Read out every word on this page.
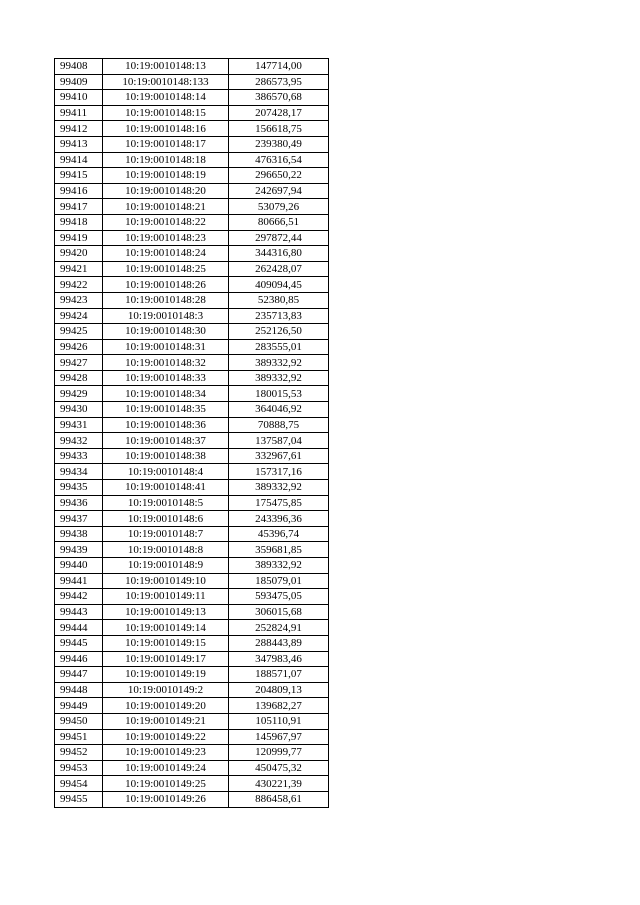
99408	10:19:0010148:13	147714,00
99409	10:19:0010148:133	286573,95
99410	10:19:0010148:14	386570,68
99411	10:19:0010148:15	207428,17
99412	10:19:0010148:16	156618,75
99413	10:19:0010148:17	239380,49
99414	10:19:0010148:18	476316,54
99415	10:19:0010148:19	296650,22
99416	10:19:0010148:20	242697,94
99417	10:19:0010148:21	53079,26
99418	10:19:0010148:22	80666,51
99419	10:19:0010148:23	297872,44
99420	10:19:0010148:24	344316,80
99421	10:19:0010148:25	262428,07
99422	10:19:0010148:26	409094,45
99423	10:19:0010148:28	52380,85
99424	10:19:0010148:3	235713,83
99425	10:19:0010148:30	252126,50
99426	10:19:0010148:31	283555,01
99427	10:19:0010148:32	389332,92
99428	10:19:0010148:33	389332,92
99429	10:19:0010148:34	180015,53
99430	10:19:0010148:35	364046,92
99431	10:19:0010148:36	70888,75
99432	10:19:0010148:37	137587,04
99433	10:19:0010148:38	332967,61
99434	10:19:0010148:4	157317,16
99435	10:19:0010148:41	389332,92
99436	10:19:0010148:5	175475,85
99437	10:19:0010148:6	243396,36
99438	10:19:0010148:7	45396,74
99439	10:19:0010148:8	359681,85
99440	10:19:0010148:9	389332,92
99441	10:19:0010149:10	185079,01
99442	10:19:0010149:11	593475,05
99443	10:19:0010149:13	306015,68
99444	10:19:0010149:14	252824,91
99445	10:19:0010149:15	288443,89
99446	10:19:0010149:17	347983,46
99447	10:19:0010149:19	188571,07
99448	10:19:0010149:2	204809,13
99449	10:19:0010149:20	139682,27
99450	10:19:0010149:21	105110,91
99451	10:19:0010149:22	145967,97
99452	10:19:0010149:23	120999,77
99453	10:19:0010149:24	450475,32
99454	10:19:0010149:25	430221,39
99455	10:19:0010149:26	886458,61
